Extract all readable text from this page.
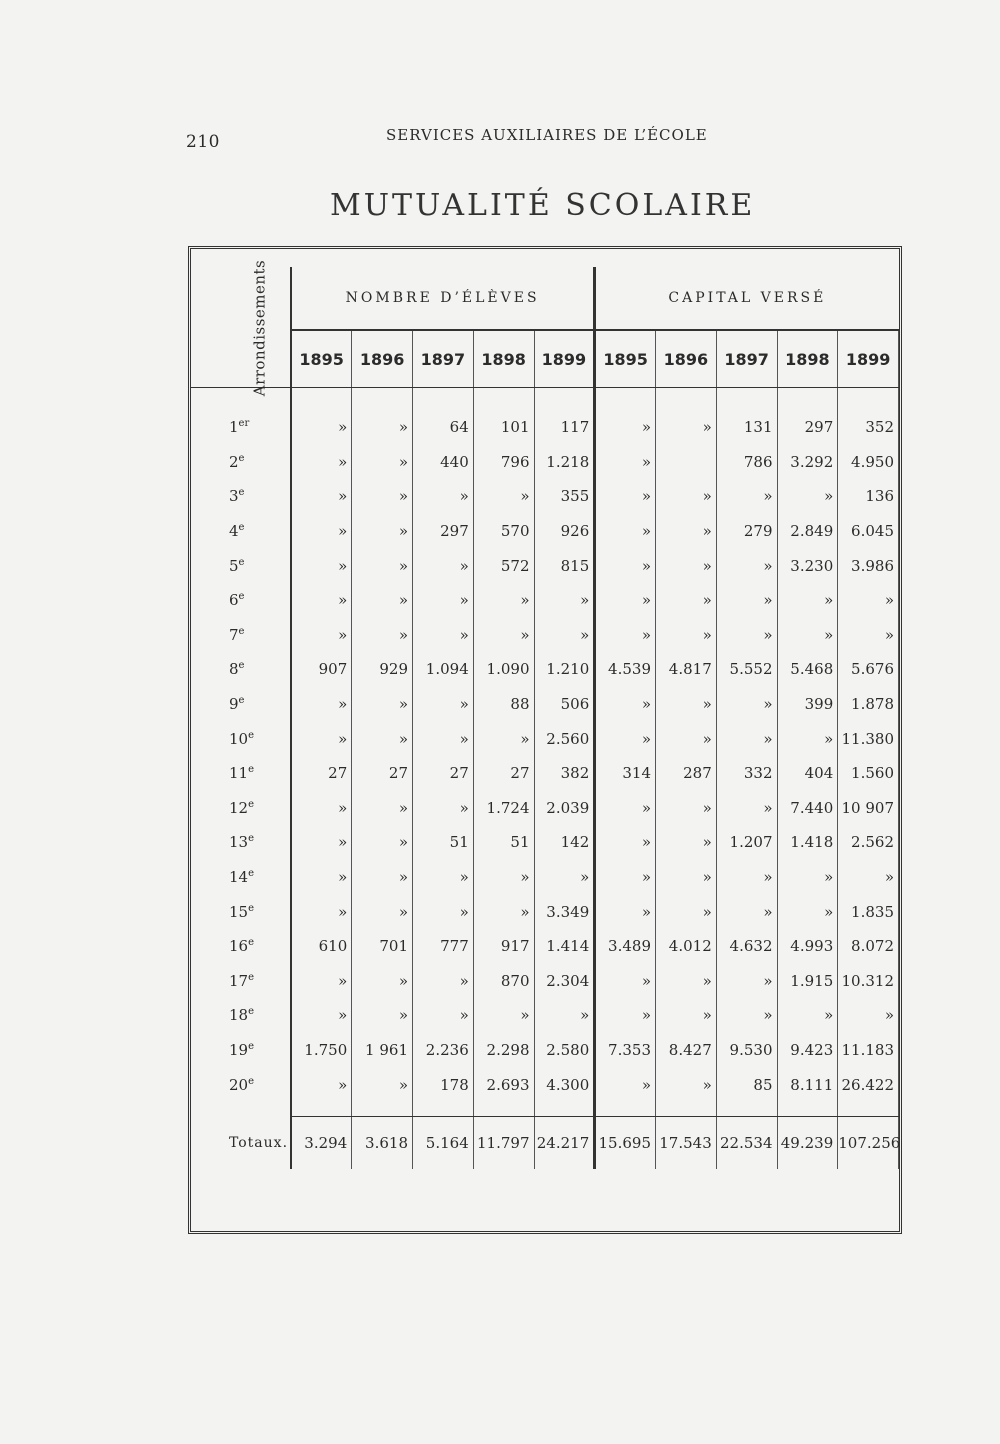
210	SERVICES AUXILIAIRES DE L’ÉCOLE
MUTUALITÉ SCOLAIRE
Arrondissements	NOMBRE D’ÉLÈVES					CAPITAL VERSÉ				
	1895	1896	1897	1898	1899	1895	1896	1897	1898	1899

1er	»	»	64	101	117	»	»	131	297	352
2e	»	»	440	796	1.218	»		786	3.292	4.950
3e	»	»	»	»	355	»	»	»	»	136
4e	»	»	297	570	926	»	»	279	2.849	6.045
5e	»	»	»	572	815	»	»	»	3.230	3.986
6e	»	»	»	»	»	»	»	»	»	»
7e	»	»	»	»	»	»	»	»	»	»
8e	907	929	1.094	1.090	1.210	4.539	4.817	5.552	5.468	5.676
9e	»	»	»	88	506	»	»	»	399	1.878
10e	»	»	»	»	2.560	»	»	»	»	11.380
11e	27	27	27	27	382	314	287	332	404	1.560
12e	»	»	»	1.724	2.039	»	»	»	7.440	10 907
13e	»	»	51	51	142	»	»	1.207	1.418	2.562
14e	»	»	»	»	»	»	»	»	»	»
15e	»	»	»	»	3.349	»	»	»	»	1.835
16e	610	701	777	917	1.414	3.489	4.012	4.632	4.993	8.072
17e	»	»	»	870	2.304	»	»	»	1.915	10.312
18e	»	»	»	»	»	»	»	»	»	»
19e	1.750	1 961	2.236	2.298	2.580	7.353	8.427	9.530	9.423	11.183
20e	»	»	178	2.693	4.300	»	»	85	8.111	26.422

Totaux.	3.294	3.618	5.164	11.797	24.217	15.695	17.543	22.534	49.239	107.256
